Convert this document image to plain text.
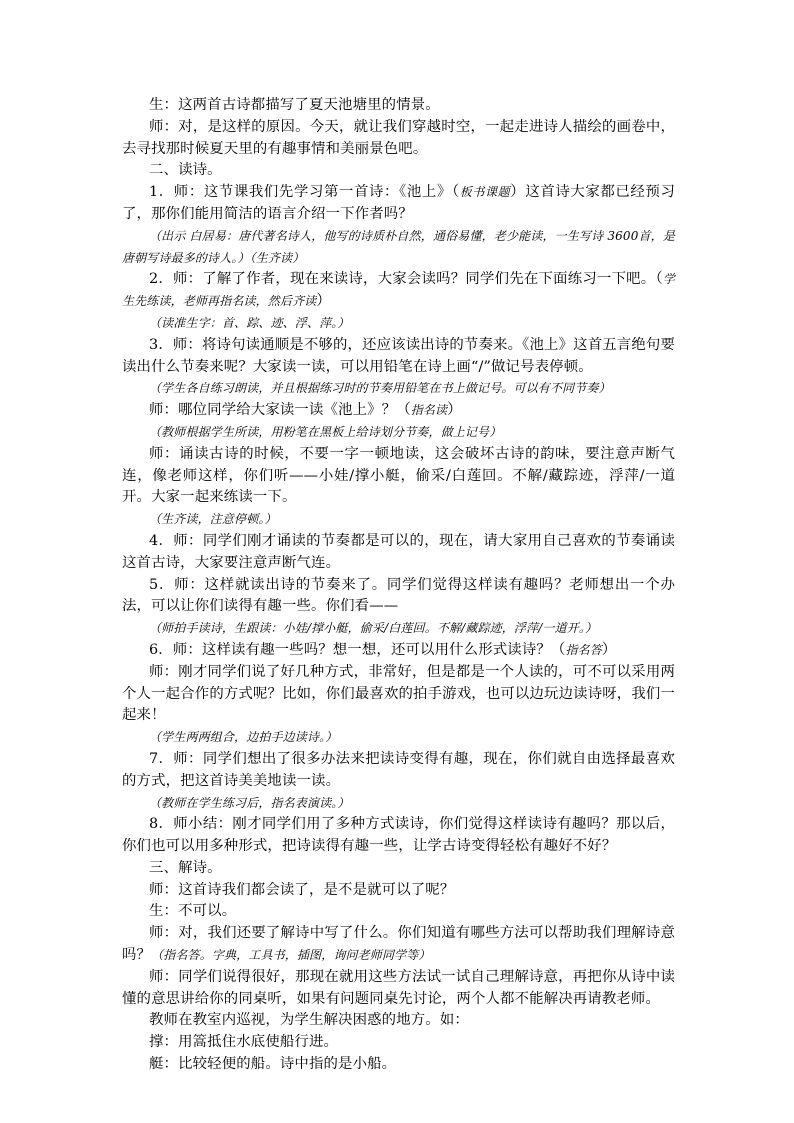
生：这两首古诗都描写了夏天池塘里的情景。

师：对，是这样的原因。今天，就让我们穿越时空，一起走进诗人描绘的画卷中，去寻找那时候夏天里的有趣事情和美丽景色吧。

二、读诗。

1．师：这节课我们先学习第一首诗：《池上》（板书课题）这首诗大家都已经预习了，那你们能用简洁的语言介绍一下作者吗？

（出示 白居易：唐代著名诗人，他写的诗质朴自然，通俗易懂，老少能读，一生写诗 3600首，是唐朝写诗最多的诗人。）（生齐读）

2．师：了解了作者，现在来读诗，大家会读吗？同学们先在下面练习一下吧。（学生先练读，老师再指名读，然后齐读）

（读准生字：首、踪、迹、浮、萍。）

3．师：将诗句读通顺是不够的，还应该读出诗的节奏来。《池上》这首五言绝句要读出什么节奏来呢？大家读一读，可以用铅笔在诗上画“/”做记号表停顿。

（学生各自练习朗读，并且根据练习时的节奏用铅笔在书上做记号。可以有不同节奏）

师：哪位同学给大家读一读《池上》？（指名读）

（教师根据学生所读，用粉笔在黑板上给诗划分节奏，做上记号）

师：诵读古诗的时候，不要一字一顿地读，这会破坏古诗的韵味，要注意声断气连，像老师这样，你们听——小娃/撑小艇，偷采/白莲回。不解/藏踪迹，浮萍/一道开。大家一起来练读一下。

（生齐读，注意停顿。）

4．师：同学们刚才诵读的节奏都是可以的，现在，请大家用自己喜欢的节奏诵读这首古诗，大家要注意声断气连。

5．师：这样就读出诗的节奏来了。同学们觉得这样读有趣吗？老师想出一个办法，可以让你们读得有趣一些。你们看——

（师拍手读诗，生跟读：小娃/撑小艇，偷采/白莲回。不解/藏踪迹，浮萍/一道开。）

6．师：这样读有趣一些吗？想一想，还可以用什么形式读诗？（指名答）

师：刚才同学们说了好几种方式，非常好，但是都是一个人读的，可不可以采用两个人一起合作的方式呢？比如，你们最喜欢的拍手游戏，也可以边玩边读诗呀，我们一起来！

（学生两两组合，边拍手边读诗。）

7．师：同学们想出了很多办法来把读诗变得有趣，现在，你们就自由选择最喜欢的方式，把这首诗美美地读一读。

（教师在学生练习后，指名表演读。）

8．师小结：刚才同学们用了多种方式读诗，你们觉得这样读诗有趣吗？那以后，你们也可以用多种形式，把诗读得有趣一些，让学古诗变得轻松有趣好不好？

三、解诗。

师：这首诗我们都会读了，是不是就可以了呢？

生：不可以。

师：对，我们还要了解诗中写了什么。你们知道有哪些方法可以帮助我们理解诗意吗？（指名答。字典，工具书，插图，询问老师同学等）

师：同学们说得很好，那现在就用这些方法试一试自己理解诗意，再把你从诗中读懂的意思讲给你的同桌听，如果有问题同桌先讨论，两个人都不能解决再请教老师。

教师在教室内巡视，为学生解决困惑的地方。如：

撑：用篙抵住水底使船行进。

艇：比较轻便的船。诗中指的是小船。
